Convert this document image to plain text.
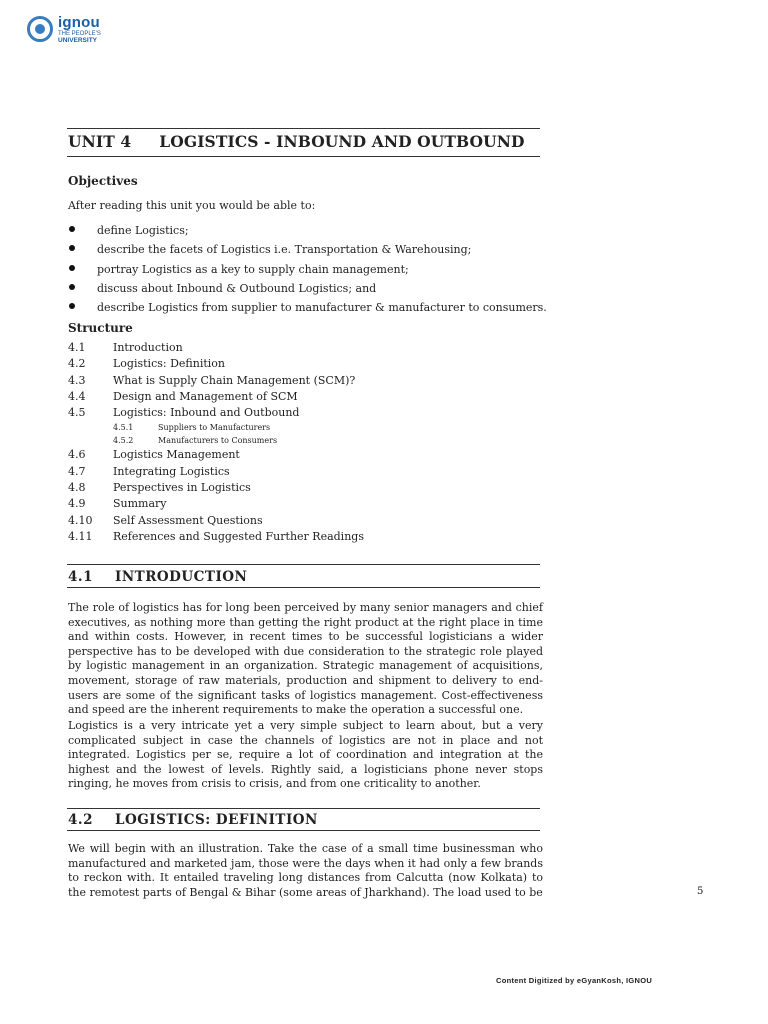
ignou
THE PEOPLE'S
UNIVERSITY
UNIT 4 LOGISTICS - INBOUND AND OUTBOUND
Objectives
After reading this unit you would be able to:
define Logistics;
describe the facets of Logistics i.e. Transportation & Warehousing;
portray Logistics as a key to supply chain management;
discuss about Inbound & Outbound Logistics; and
describe Logistics from supplier to manufacturer & manufacturer to consumers.
Structure
4.1	Introduction
4.2	Logistics: Definition
4.3	What is Supply Chain Management (SCM)?
4.4	Design and Management of SCM
4.5	Logistics: Inbound and Outbound
4.5.1	Suppliers to Manufacturers
4.5.2	Manufacturers to Consumers
4.6	Logistics Management
4.7	Integrating Logistics
4.8	Perspectives in Logistics
4.9	Summary
4.10 Self Assessment Questions
4.11 References and Suggested Further Readings
4.1 INTRODUCTION
The role of logistics has for long been perceived by many senior managers and chief executives, as nothing more than getting the right product at the right place in time and within costs. However, in recent times to be successful logisticians a wider perspective has to be developed with due consideration to the strategic role played by logistic management in an organization. Strategic management of acquisitions, movement, storage of raw materials, production and shipment to delivery to end-users are some of the significant tasks of logistics management. Cost-effectiveness and speed are the inherent requirements to make the operation a successful one.
Logistics is a very intricate yet a very simple subject to learn about, but a very complicated subject in case the channels of logistics are not in place and not integrated. Logistics per se, require a lot of coordination and integration at the highest and the lowest of levels. Rightly said, a logisticians phone never stops ringing, he moves from crisis to crisis, and from one criticality to another.
4.2 LOGISTICS: DEFINITION
We will begin with an illustration. Take the case of a small time businessman who manufactured and marketed jam, those were the days when it had only a few brands to reckon with. It entailed traveling long distances from Calcutta (now Kolkata) to the remotest parts of Bengal & Bihar (some areas of Jharkhand). The load used to be	5
Content Digitized by eGyanKosh, IGNOU
